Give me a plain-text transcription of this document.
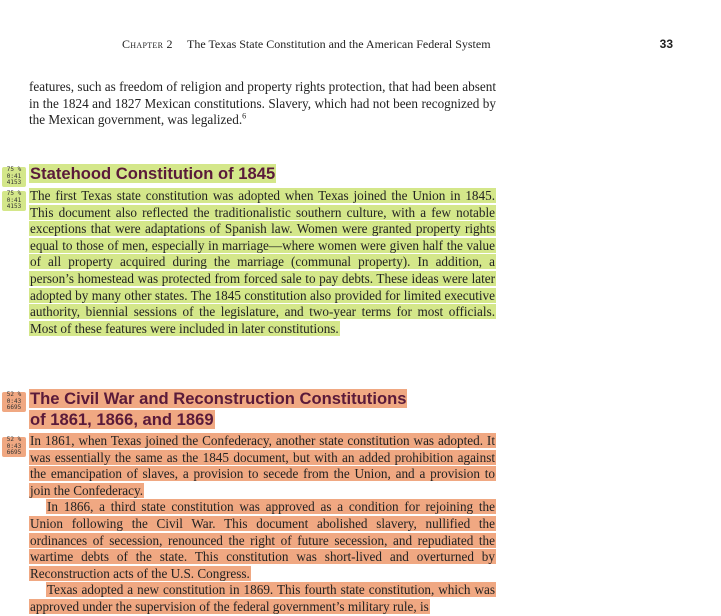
Chapter 2 The Texas State Constitution and the American Federal System	33

features, such as freedom of religion and property rights protection, that had been absent in the 1824 and 1827 Mexican constitutions. Slavery, which had not been recognized by the Mexican government, was legalized.$^6$

75 %
0:41
4153
75 %
0:41
4153

Statehood Constitution of 1845

The first Texas state constitution was adopted when Texas joined the Union in 1845. This document also reflected the traditionalistic southern culture, with a few notable exceptions that were adaptations of Spanish law. Women were granted property rights equal to those of men, especially in marriage—where women were given half the value of all property acquired during the marriage (communal property). In addition, a person’s homestead was protected from forced sale to pay debts. These ideas were later adopted by many other states. The 1845 constitution also provided for limited executive authority, biennial sessions of the legislature, and two-year terms for most officials. Most of these features were included in later constitutions.

52 %
0:43
6695
52 %
0:43
6695

The Civil War and Reconstruction Constitutions
of 1861, 1866, and 1869

In 1861, when Texas joined the Confederacy, another state constitution was adopted. It was essentially the same as the 1845 document, but with an added prohibition against the emancipation of slaves, a provision to secede from the Union, and a provision to join the Confederacy.

In 1866, a third state constitution was approved as a condition for rejoining the Union following the Civil War. This document abolished slavery, nullified the ordinances of secession, renounced the right of future secession, and repudiated the wartime debts of the state. This constitution was short-lived and overturned by Reconstruction acts of the U.S. Congress.

Texas adopted a new constitution in 1869. This fourth state constitution, which was approved under the supervision of the federal government’s military rule, is
